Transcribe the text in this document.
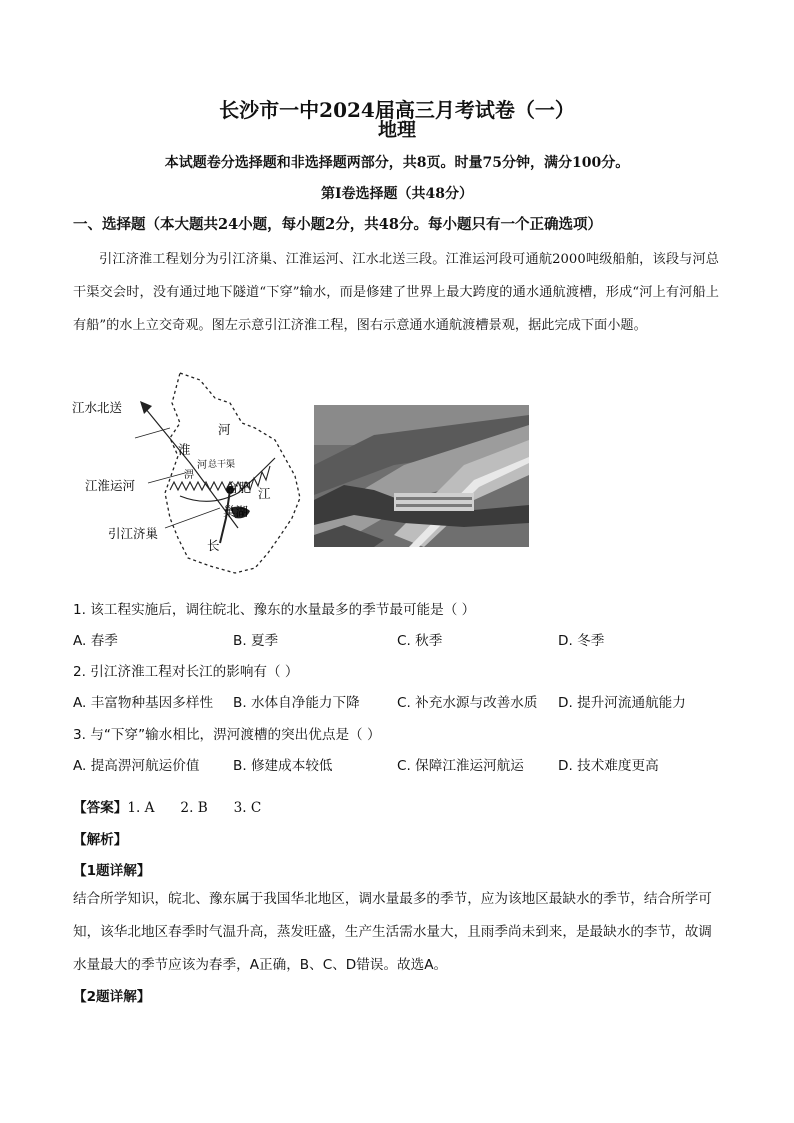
长沙市一中2024届高三月考试卷（一）
地理
本试题卷分选择题和非选择题两部分，共8页。时量75分钟，满分100分。
第Ⅰ卷选择题（共48分）
一、选择题（本大题共24小题，每小题2分，共48分。每小题只有一个正确选项）

引江济淮工程划分为引江济巢、江淮运河、江水北送三段。江淮运河段可通航2000吨级船舶，该段与河总干渠交会时，没有通过地下隧道“下穿”输水，而是修建了世界上最大跨度的通水通航渡槽，形成“河上有河船上有船”的水上立交奇观。图左示意引江济淮工程，图右示意通水通航渡槽景观，据此完成下面小题。

江水北送
江淮运河
引江济巢
淮
河
总干渠
淠
河
合肥
巢湖
江
长
1. 该工程实施后，调往皖北、豫东的水量最多的季节最可能是（ ）
A. 春季	B. 夏季	C. 秋季	D. 冬季
2. 引江济淮工程对长江的影响有（ ）
A. 丰富物种基因多样性 B. 水体自净能力下降	C. 补充水源与改善水质 D. 提升河流通航能力
3. 与“下穿”输水相比，淠河渡槽的突出优点是（ ）
A. 提高淠河航运价值 B. 修建成本较低	C. 保障江淮运河航运	D. 技术难度更高
【答案】1. A 2. B 3. C
【解析】
【1题详解】
结合所学知识，皖北、豫东属于我国华北地区，调水量最多的季节，应为该地区最缺水的季节，结合所学可知，该华北地区春季时气温升高，蒸发旺盛，生产生活需水量大，且雨季尚未到来，是最缺水的李节，故调水量最大的季节应该为春季，A正确，B、C、D错误。故选A。
【2题详解】
